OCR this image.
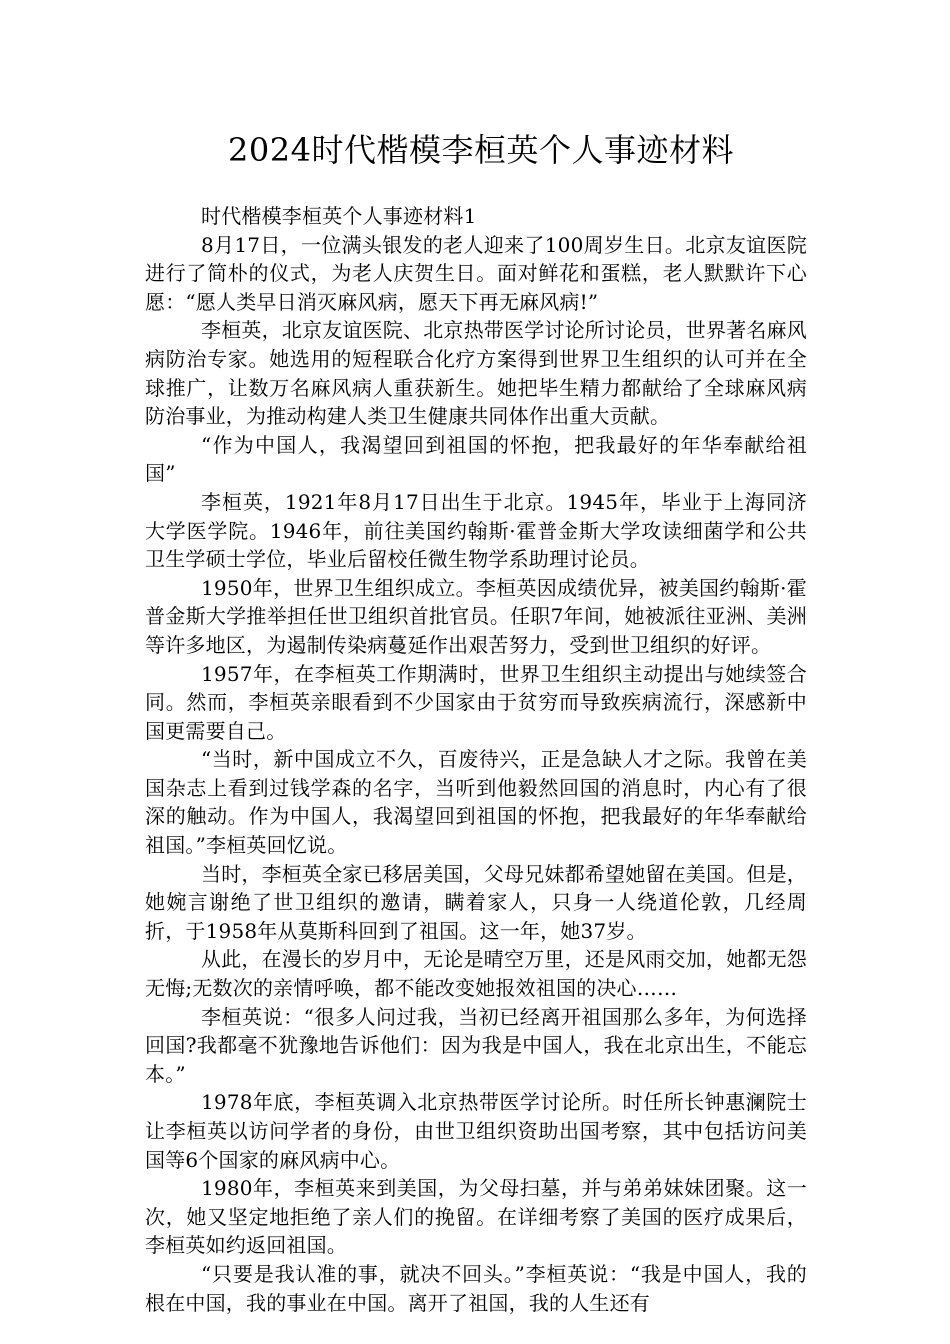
2024时代楷模李桓英个人事迹材料

时代楷模李桓英个人事迹材料1

8月17日，一位满头银发的老人迎来了100周岁生日。北京友谊医院进行了简朴的仪式，为老人庆贺生日。面对鲜花和蛋糕，老人默默许下心愿：“愿人类早日消灭麻风病，愿天下再无麻风病!”

李桓英，北京友谊医院、北京热带医学讨论所讨论员，世界著名麻风病防治专家。她选用的短程联合化疗方案得到世界卫生组织的认可并在全球推广，让数万名麻风病人重获新生。她把毕生精力都献给了全球麻风病防治事业，为推动构建人类卫生健康共同体作出重大贡献。

“作为中国人，我渴望回到祖国的怀抱，把我最好的年华奉献给祖国”

李桓英，1921年8月17日出生于北京。1945年，毕业于上海同济大学医学院。1946年，前往美国约翰斯·霍普金斯大学攻读细菌学和公共卫生学硕士学位，毕业后留校任微生物学系助理讨论员。

1950年，世界卫生组织成立。李桓英因成绩优异，被美国约翰斯·霍普金斯大学推举担任世卫组织首批官员。任职7年间，她被派往亚洲、美洲等许多地区，为遏制传染病蔓延作出艰苦努力，受到世卫组织的好评。

1957年，在李桓英工作期满时，世界卫生组织主动提出与她续签合同。然而，李桓英亲眼看到不少国家由于贫穷而导致疾病流行，深感新中国更需要自己。

“当时，新中国成立不久，百废待兴，正是急缺人才之际。我曾在美国杂志上看到过钱学森的名字，当听到他毅然回国的消息时，内心有了很深的触动。作为中国人，我渴望回到祖国的怀抱，把我最好的年华奉献给祖国。”李桓英回忆说。

当时，李桓英全家已移居美国，父母兄妹都希望她留在美国。但是，她婉言谢绝了世卫组织的邀请，瞒着家人，只身一人绕道伦敦，几经周折，于1958年从莫斯科回到了祖国。这一年，她37岁。

从此，在漫长的岁月中，无论是晴空万里，还是风雨交加，她都无怨无悔;无数次的亲情呼唤，都不能改变她报效祖国的决心……

李桓英说：“很多人问过我，当初已经离开祖国那么多年，为何选择回国?我都毫不犹豫地告诉他们：因为我是中国人，我在北京出生，不能忘本。”

1978年底，李桓英调入北京热带医学讨论所。时任所长钟惠澜院士让李桓英以访问学者的身份，由世卫组织资助出国考察，其中包括访问美国等6个国家的麻风病中心。

1980年，李桓英来到美国，为父母扫墓，并与弟弟妹妹团聚。这一次，她又坚定地拒绝了亲人们的挽留。在详细考察了美国的医疗成果后，李桓英如约返回祖国。

“只要是我认准的事，就决不回头。”李桓英说：“我是中国人，我的根在中国，我的事业在中国。离开了祖国，我的人生还有
